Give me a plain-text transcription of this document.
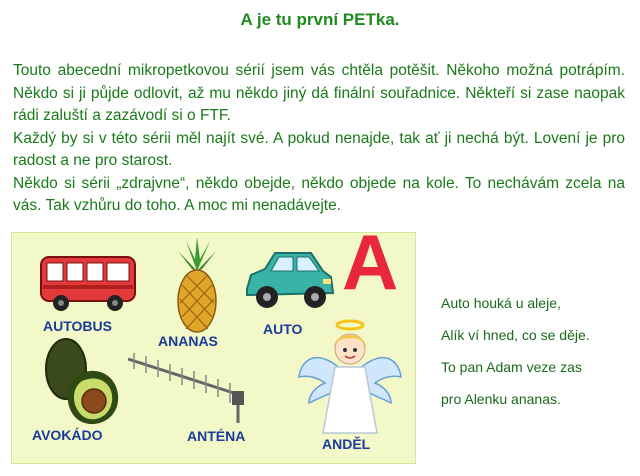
A je tu první PETka.

Touto abecední mikropetkovou sérií jsem vás chtěla potěšit. Někoho možná potrápím. Někdo si ji půjde odlovit, až mu někdo jiný dá finální souřadnice. Někteří si zase naopak rádi zaluští a zazávodí si o FTF.

Každý by si v této sérii měl najít své. A pokud nenajde, tak ať ji nechá být. Lovení je pro radost a ne pro starost.

Někdo si sérii „zdrajvne“, někdo obejde, někdo objede na kole. To nechávám zcela na vás. Tak vzhůru do toho. A moc mi nenadávejte.

AUTOBUS
ANANAS
AUTO
A
AVOKÁDO	ANTÉNA	ANDĚL
Auto houká u aleje,
Alík ví hned, co se děje.
To pan Adam veze zas
pro Alenku ananas.
